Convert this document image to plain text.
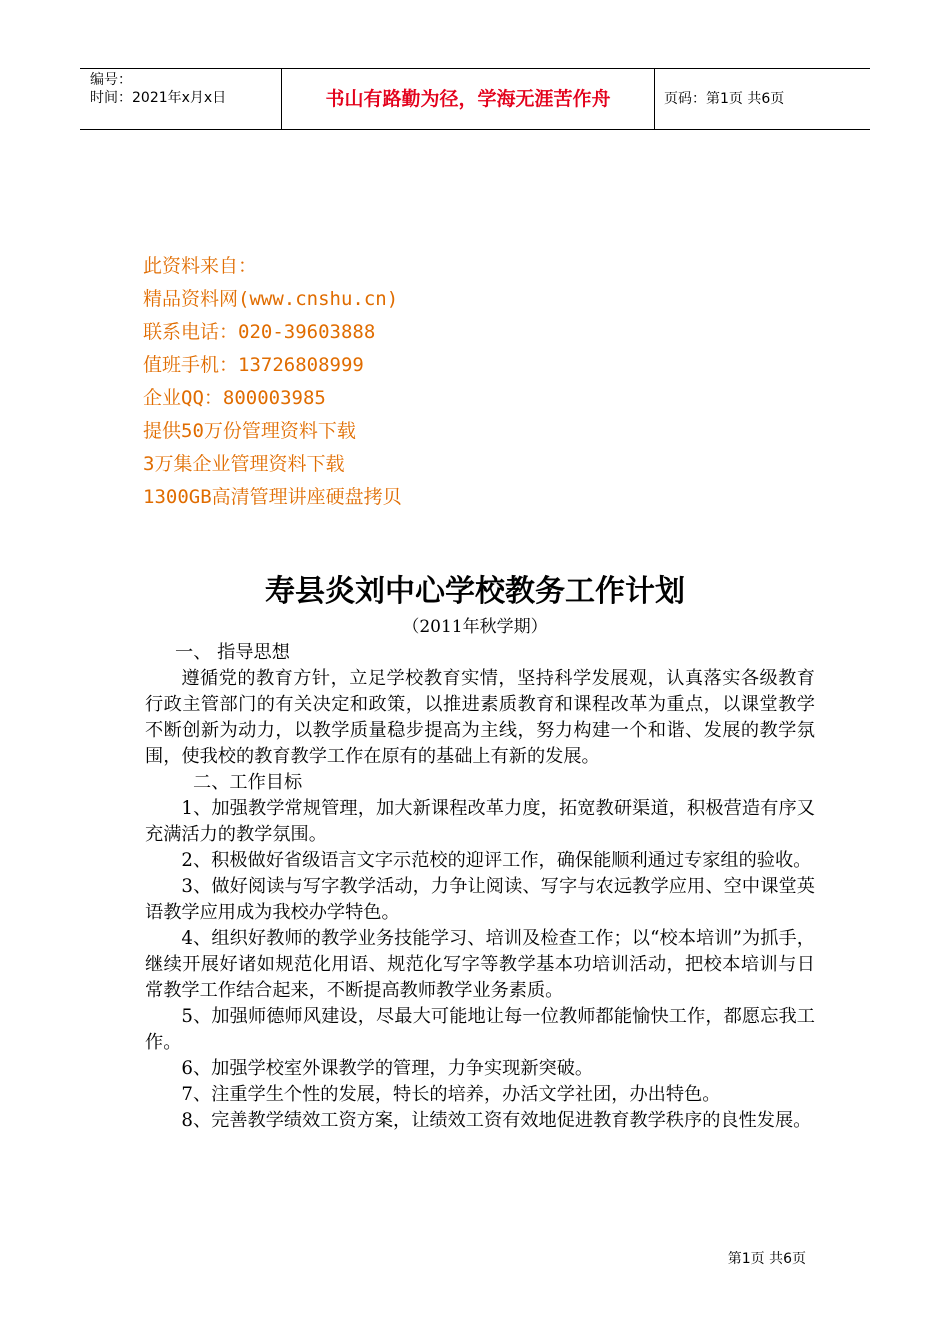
编号：
时间：2021年x月x日	书山有路勤为径，学海无涯苦作舟	页码：第1页 共6页
此资料来自：
精品资料网(www.cnshu.cn)
联系电话：020-39603888
值班手机：13726808999
企业QQ：800003985
提供50万份管理资料下载
3万集企业管理资料下载
1300GB高清管理讲座硬盘拷贝
寿县炎刘中心学校教务工作计划
（2011年秋学期）

一、 指导思想

遵循党的教育方针，立足学校教育实情，坚持科学发展观，认真落实各级教育行政主管部门的有关决定和政策，以推进素质教育和课程改革为重点，以课堂教学不断创新为动力，以教学质量稳步提高为主线，努力构建一个和谐、发展的教学氛围，使我校的教育教学工作在原有的基础上有新的发展。

二、工作目标

1、加强教学常规管理，加大新课程改革力度，拓宽教研渠道，积极营造有序又充满活力的教学氛围。

2、积极做好省级语言文字示范校的迎评工作，确保能顺利通过专家组的验收。

3、做好阅读与写字教学活动，力争让阅读、写字与农远教学应用、空中课堂英语教学应用成为我校办学特色。

4、组织好教师的教学业务技能学习、培训及检查工作；以“校本培训”为抓手，继续开展好诸如规范化用语、规范化写字等教学基本功培训活动，把校本培训与日常教学工作结合起来，不断提高教师教学业务素质。

5、加强师德师风建设，尽最大可能地让每一位教师都能愉快工作，都愿忘我工作。

6、加强学校室外课教学的管理，力争实现新突破。

7、注重学生个性的发展，特长的培养，办活文学社团，办出特色。

8、完善教学绩效工资方案，让绩效工资有效地促进教育教学秩序的良性发展。

第1页 共6页
